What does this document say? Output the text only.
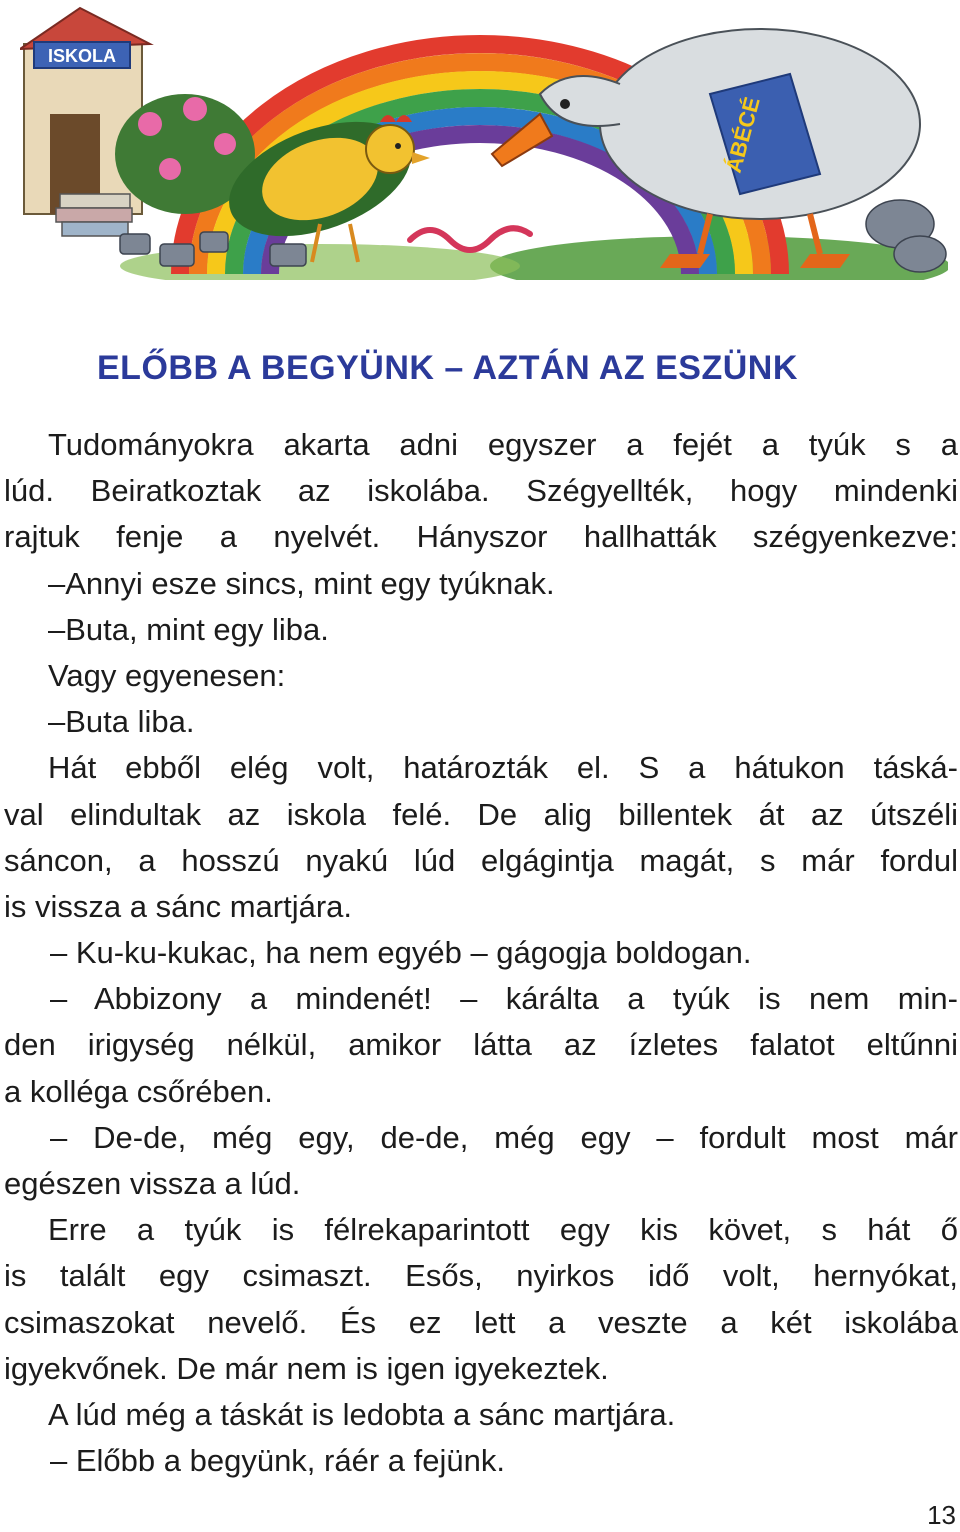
ISKOLA
ÁBÉCÉ
ELŐBB A BEGYÜNK – AZTÁN AZ ESZÜNK
Tudományokra akarta adni egyszer a fejét a tyúk s a
lúd. Beiratkoztak az iskolába. Szégyellték, hogy mindenki
rajtuk fenje a nyelvét. Hányszor hallhatták szégyenkezve:
–Annyi esze sincs, mint egy tyúknak.
–Buta, mint egy liba.
Vagy egyenesen:
–Buta liba.
Hát ebből elég volt, határozták el. S a hátukon táská-
val elindultak az iskola felé. De alig billentek át az útszéli
sáncon, a hosszú nyakú lúd elgágintja magát, s már fordul
is vissza a sánc martjára.
– Ku-ku-kukac, ha nem egyéb – gágogja boldogan.
– Abbizony a mindenét! – kárálta a tyúk is nem min-
den irigység nélkül, amikor látta az ízletes falatot eltűnni
a kolléga csőrében.
– De-de, még egy, de-de, még egy – fordult most már
egészen vissza a lúd.
Erre a tyúk is félrekaparintott egy kis követ, s hát ő
is talált egy csimaszt. Esős, nyirkos idő volt, hernyókat,
csimaszokat nevelő. És ez lett a veszte a két iskolába
igyekvőnek. De már nem is igen igyekeztek.
A lúd még a táskát is ledobta a sánc martjára.
– Előbb a begyünk, ráér a fejünk.
13
